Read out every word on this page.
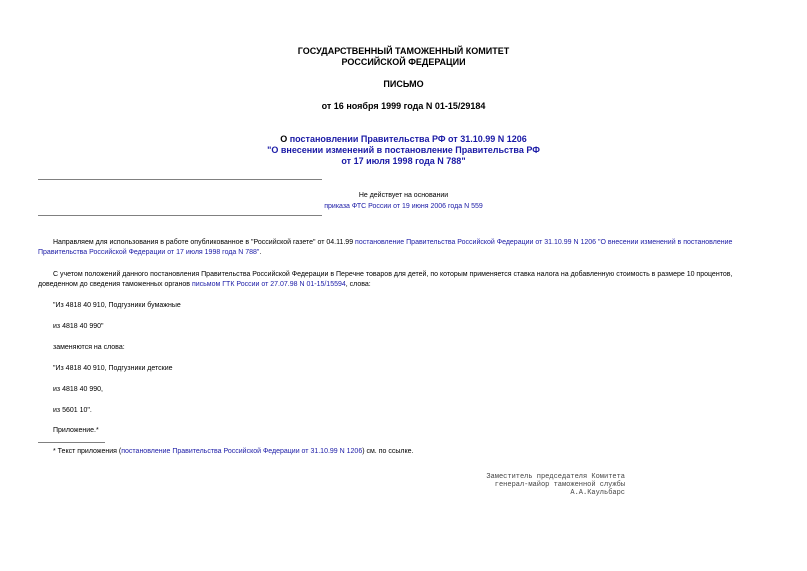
ГОСУДАРСТВЕННЫЙ ТАМОЖЕННЫЙ КОМИТЕТ
РОССИЙСКОЙ ФЕДЕРАЦИИ
ПИСЬМО
от 16 ноября 1999 года N 01-15/29184
О постановлении Правительства РФ от 31.10.99 N 1206
"О внесении изменений в постановление Правительства РФ
от 17 июля 1998 года N 788"
Не действует на основании
приказа ФТС России от 19 июня 2006 года N 559
Направляем для использования в работе опубликованное в "Российской газете" от 04.11.99 постановление Правительства Российской Федерации от 31.10.99 N 1206 "О внесении изменений в постановление
Правительства Российской Федерации от 17 июля 1998 года N 788".
С учетом положений данного постановления Правительства Российской Федерации в Перечне товаров для детей, по которым применяется ставка налога на добавленную стоимость в размере 10 процентов,
доведенном до сведения таможенных органов письмом ГТК России от 27.07.98 N 01-15/15594, слова:
"Из 4818 40 910, Подгузники бумажные
из 4818 40 990"
заменяются на слова:
"Из 4818 40 910, Подгузники детские
из 4818 40 990,
из 5601 10".
Приложение.*
* Текст приложения (постановление Правительства Российской Федерации от 31.10.99 N 1206) см. по ссылке.
Заместитель председателя Комитета
генерал-майор таможенной службы
А.А.Каульбарс
